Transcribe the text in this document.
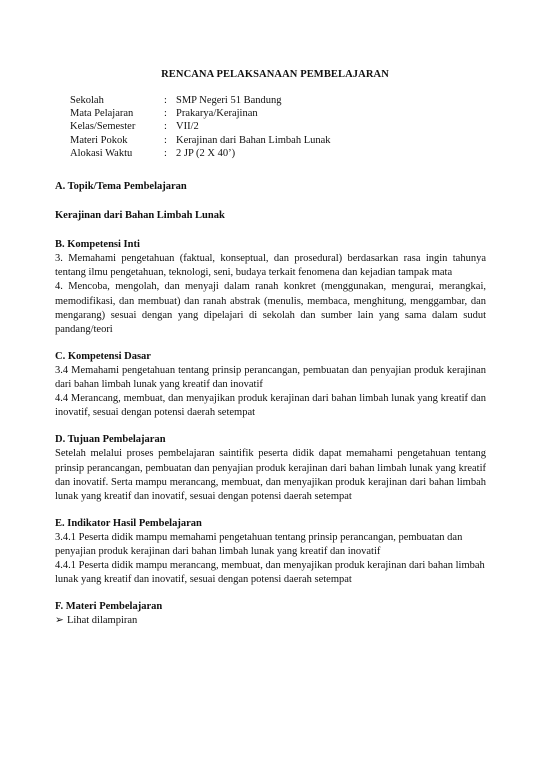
RENCANA PELAKSANAAN PEMBELAJARAN
Sekolah	: SMP Negeri 51 Bandung
Mata Pelajaran	: Prakarya/Kerajinan
Kelas/Semester	: VII/2
Materi Pokok	: Kerajinan dari Bahan Limbah Lunak
Alokasi Waktu	: 2 JP (2 X 40’)

A. Topik/Tema Pembelajaran

Kerajinan dari Bahan Limbah Lunak

B. Kompetensi Inti

3. Memahami pengetahuan (faktual, konseptual, dan prosedural) berdasarkan rasa ingin tahunya tentang ilmu pengetahuan, teknologi, seni, budaya terkait fenomena dan kejadian tampak mata

4. Mencoba, mengolah, dan menyaji dalam ranah konkret (menggunakan, mengurai, merangkai, memodifikasi, dan membuat) dan ranah abstrak (menulis, membaca, menghitung, menggambar, dan mengarang) sesuai dengan yang dipelajari di sekolah dan sumber lain yang sama dalam sudut pandang/teori

C. Kompetensi Dasar

3.4 Memahami pengetahuan tentang prinsip perancangan, pembuatan dan penyajian produk kerajinan dari bahan limbah lunak yang kreatif dan inovatif

4.4 Merancang, membuat, dan menyajikan produk kerajinan dari bahan limbah lunak yang kreatif dan inovatif, sesuai dengan potensi daerah setempat

D. Tujuan Pembelajaran

Setelah melalui proses pembelajaran saintifik peserta didik dapat memahami pengetahuan tentang prinsip perancangan, pembuatan dan penyajian produk kerajinan dari bahan limbah lunak yang kreatif dan inovatif. Serta mampu merancang, membuat, dan menyajikan produk kerajinan dari bahan limbah lunak yang kreatif dan inovatif, sesuai dengan potensi daerah setempat

E. Indikator Hasil Pembelajaran

3.4.1 Peserta didik mampu memahami pengetahuan tentang prinsip perancangan, pembuatan dan penyajian produk kerajinan dari bahan limbah lunak yang kreatif dan inovatif

4.4.1 Peserta didik mampu merancang, membuat, dan menyajikan produk kerajinan dari bahan limbah lunak yang kreatif dan inovatif, sesuai dengan potensi daerah setempat

F. Materi Pembelajaran

➢ Lihat dilampiran
